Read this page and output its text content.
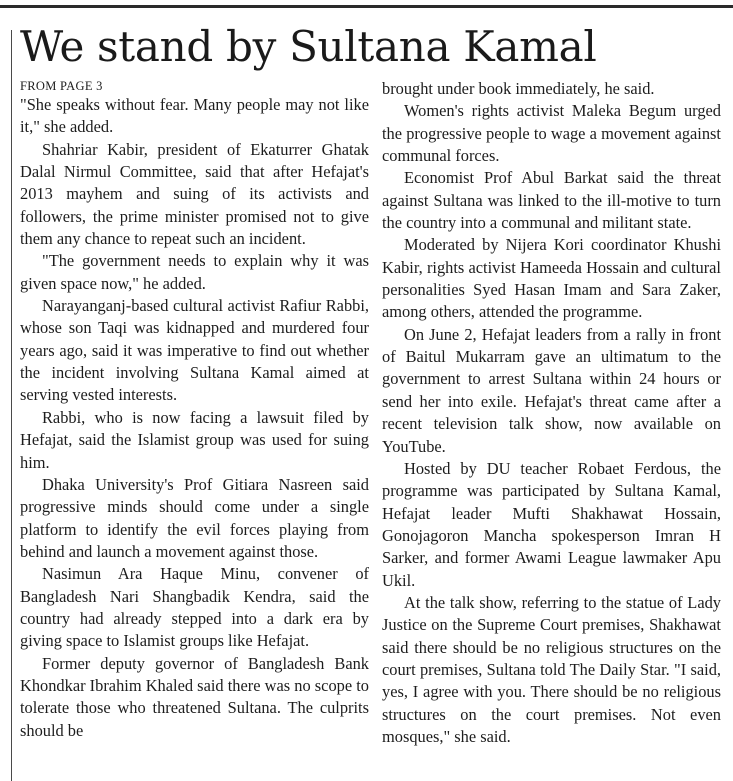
We stand by Sultana Kamal
FROM PAGE 3

"She speaks without fear. Many people may not like it," she added.

Shahriar Kabir, president of Ekaturrer Ghatak Dalal Nirmul Committee, said that after Hefajat's 2013 mayhem and suing of its activists and followers, the prime minister promised not to give them any chance to repeat such an incident.

"The government needs to explain why it was given space now," he added.

Narayanganj-based cultural activist Rafiur Rabbi, whose son Taqi was kidnapped and murdered four years ago, said it was imperative to find out whether the incident involving Sultana Kamal aimed at serving vested interests.

Rabbi, who is now facing a lawsuit filed by Hefajat, said the Islamist group was used for suing him.

Dhaka University's Prof Gitiara Nasreen said progressive minds should come under a single platform to identify the evil forces playing from behind and launch a movement against those.

Nasimun Ara Haque Minu, convener of Bangladesh Nari Shangbadik Kendra, said the country had already stepped into a dark era by giving space to Islamist groups like Hefajat.

Former deputy governor of Bangladesh Bank Khondkar Ibrahim Khaled said there was no scope to tolerate those who threatened Sultana. The culprits should be

brought under book immediately, he said.

Women's rights activist Maleka Begum urged the progressive people to wage a movement against communal forces.

Economist Prof Abul Barkat said the threat against Sultana was linked to the ill-motive to turn the country into a communal and militant state.

Moderated by Nijera Kori coordinator Khushi Kabir, rights activist Hameeda Hossain and cultural personalities Syed Hasan Imam and Sara Zaker, among others, attended the programme.

On June 2, Hefajat leaders from a rally in front of Baitul Mukarram gave an ultimatum to the government to arrest Sultana within 24 hours or send her into exile. Hefajat's threat came after a recent television talk show, now available on YouTube.

Hosted by DU teacher Robaet Ferdous, the programme was participated by Sultana Kamal, Hefajat leader Mufti Shakhawat Hossain, Gonojagoron Mancha spokesperson Imran H Sarker, and former Awami League lawmaker Apu Ukil.

At the talk show, referring to the statue of Lady Justice on the Supreme Court premises, Shakhawat said there should be no religious structures on the court premises, Sultana told The Daily Star. "I said, yes, I agree with you. There should be no religious structures on the court premises. Not even mosques," she said.
